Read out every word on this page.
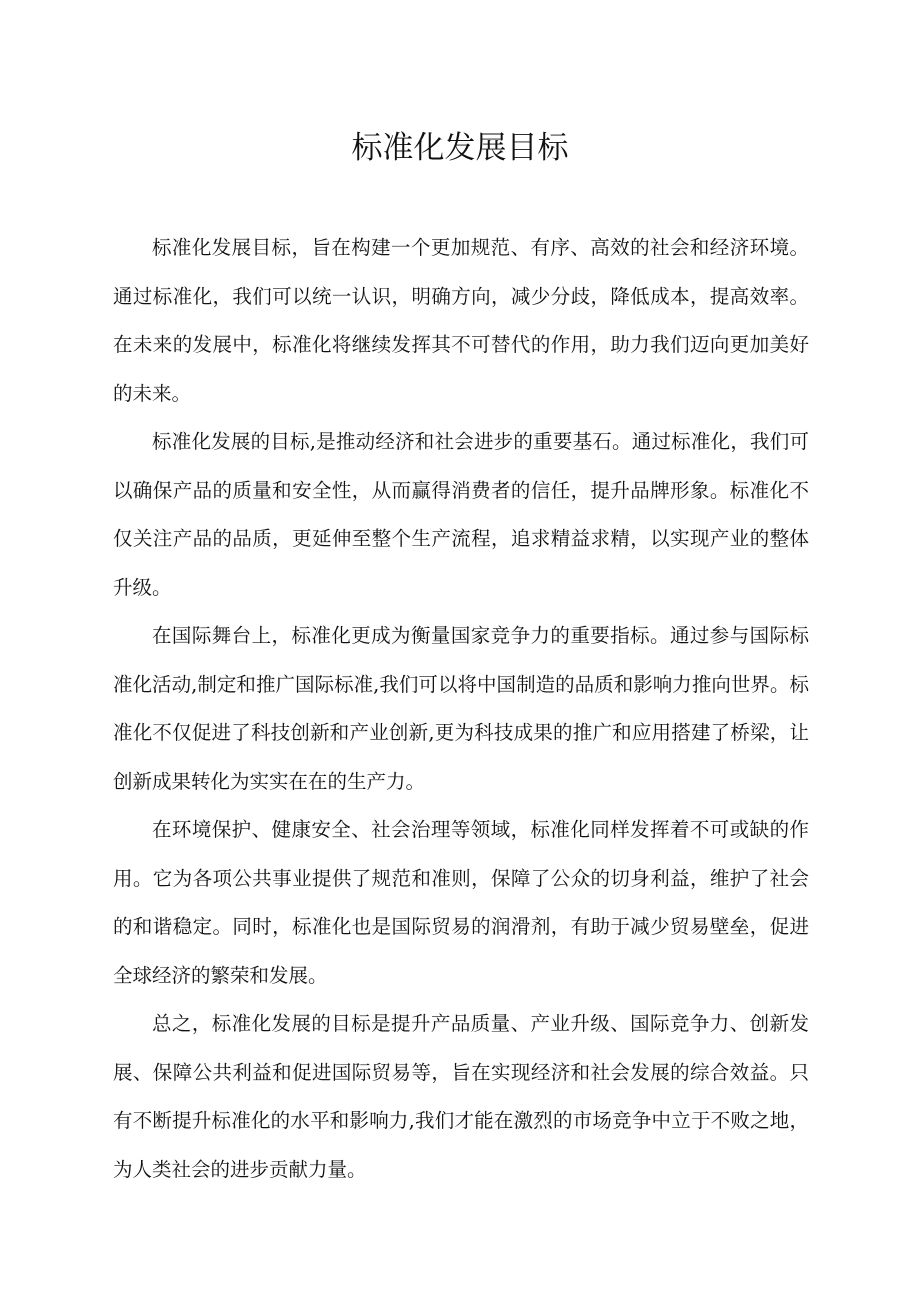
标准化发展目标

标准化发展目标，旨在构建一个更加规范、有序、高效的社会和经济环境。通过标准化，我们可以统一认识，明确方向，减少分歧，降低成本，提高效率。在未来的发展中，标准化将继续发挥其不可替代的作用，助力我们迈向更加美好的未来。

标准化发展的目标,是推动经济和社会进步的重要基石。通过标准化，我们可以确保产品的质量和安全性，从而赢得消费者的信任，提升品牌形象。标准化不仅关注产品的品质，更延伸至整个生产流程，追求精益求精，以实现产业的整体升级。

在国际舞台上，标准化更成为衡量国家竞争力的重要指标。通过参与国际标准化活动,制定和推广国际标准,我们可以将中国制造的品质和影响力推向世界。标准化不仅促进了科技创新和产业创新,更为科技成果的推广和应用搭建了桥梁，让创新成果转化为实实在在的生产力。

在环境保护、健康安全、社会治理等领域，标准化同样发挥着不可或缺的作用。它为各项公共事业提供了规范和准则，保障了公众的切身利益，维护了社会的和谐稳定。同时，标准化也是国际贸易的润滑剂，有助于减少贸易壁垒，促进全球经济的繁荣和发展。

总之，标准化发展的目标是提升产品质量、产业升级、国际竞争力、创新发展、保障公共利益和促进国际贸易等，旨在实现经济和社会发展的综合效益。只有不断提升标准化的水平和影响力,我们才能在激烈的市场竞争中立于不败之地，为人类社会的进步贡献力量。
